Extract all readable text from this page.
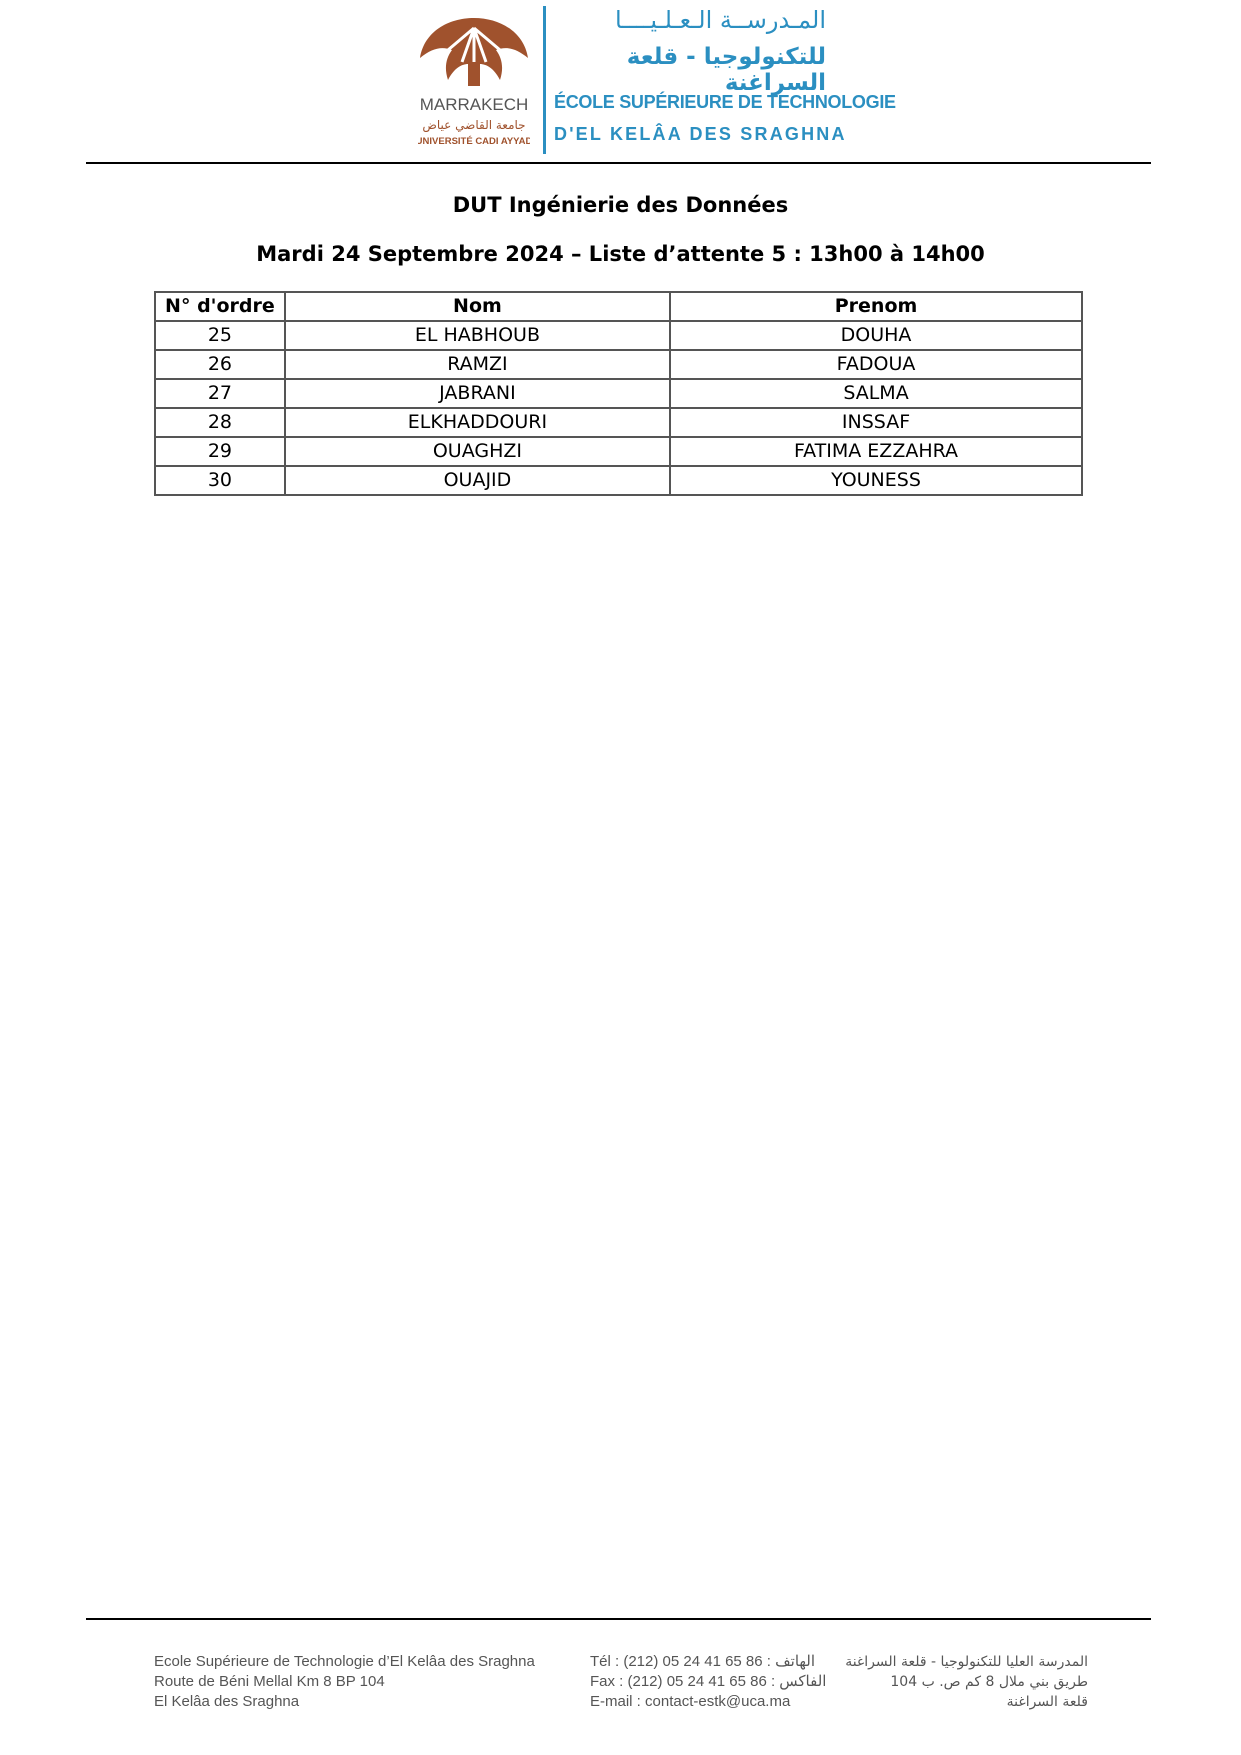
MARRAKECH
جامعة القاضي عياض
UNIVERSITÉ CADI AYYAD
المـدرســة الـعـلـيــــا
للتكنولوجيا - قلعة السراغنة
ÉCOLE SUPÉRIEURE DE TECHNOLOGIE
D'EL KELÂA DES SRAGHNA
DUT Ingénierie des Données
Mardi 24 Septembre 2024 – Liste d’attente 5 : 13h00 à 14h00
N° d'ordre	Nom	Prenom
25	EL HABHOUB	DOUHA
26	RAMZI	FADOUA
27	JABRANI	SALMA
28	ELKHADDOURI	INSSAF
29	OUAGHZI	FATIMA EZZAHRA
30	OUAJID	YOUNESS
Ecole Supérieure de Technologie d’El Kelâa des Sraghna
Route de Béni Mellal Km 8 BP 104
El Kelâa des Sraghna
Tél : (212) 05 24 41 65 86 : الهاتف
Fax : (212) 05 24 41 65 86 : الفاكس
E-mail : contact-estk@uca.ma
المدرسة العليا للتكنولوجيا - قلعة السراغنة
طريق بني ملال 8 كم ص. ب 104
قلعة السراغنة
